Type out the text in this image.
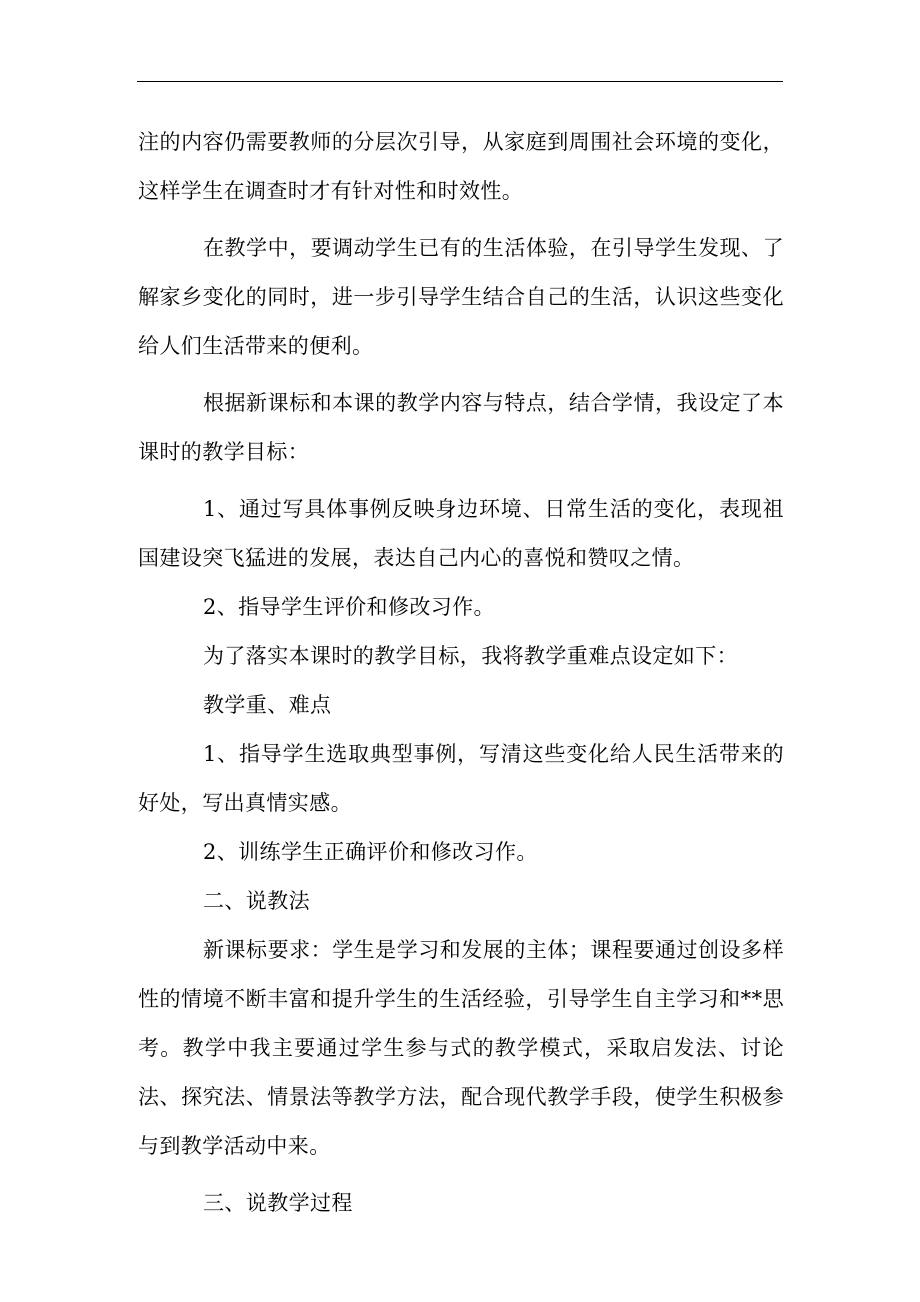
注的内容仍需要教师的分层次引导，从家庭到周围社会环境的变化，这样学生在调查时才有针对性和时效性。

在教学中，要调动学生已有的生活体验，在引导学生发现、了解家乡变化的同时，进一步引导学生结合自己的生活，认识这些变化给人们生活带来的便利。

根据新课标和本课的教学内容与特点，结合学情，我设定了本课时的教学目标：

1、通过写具体事例反映身边环境、日常生活的变化，表现祖国建设突飞猛进的发展，表达自己内心的喜悦和赞叹之情。

2、指导学生评价和修改习作。

为了落实本课时的教学目标，我将教学重难点设定如下：

教学重、难点

1、指导学生选取典型事例，写清这些变化给人民生活带来的好处，写出真情实感。

2、训练学生正确评价和修改习作。

二、说教法

新课标要求：学生是学习和发展的主体；课程要通过创设多样性的情境不断丰富和提升学生的生活经验，引导学生自主学习和**思考。教学中我主要通过学生参与式的教学模式，采取启发法、讨论法、探究法、情景法等教学方法，配合现代教学手段，使学生积极参与到教学活动中来。

三、说教学过程
